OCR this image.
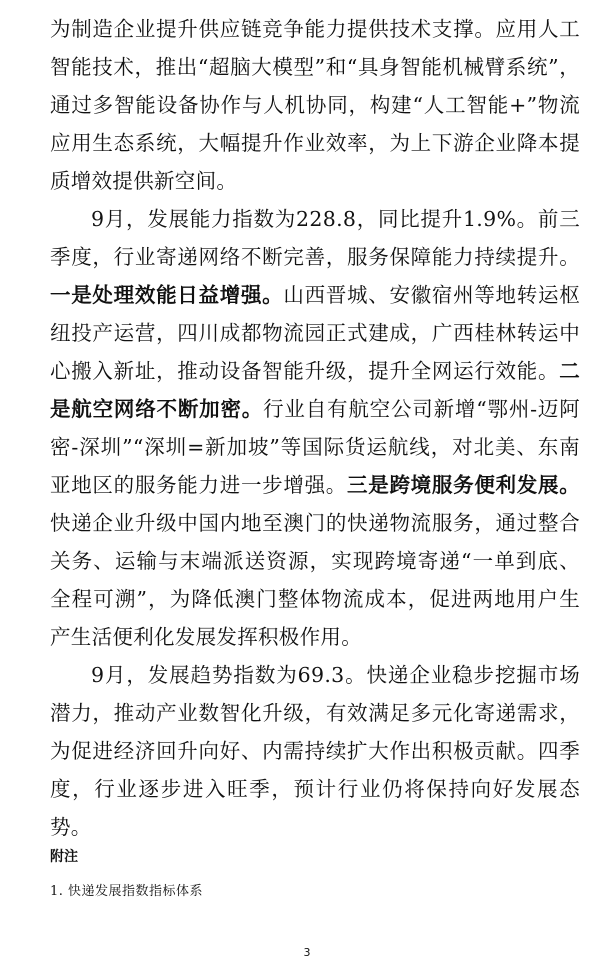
为制造企业提升供应链竞争能力提供技术支撑。应用人工智能技术，推出“超脑大模型”和“具身智能机械臂系统”，通过多智能设备协作与人机协同，构建“人工智能+”物流应用生态系统，大幅提升作业效率，为上下游企业降本提质增效提供新空间。

9月，发展能力指数为228.8，同比提升1.9%。前三季度，行业寄递网络不断完善，服务保障能力持续提升。一是处理效能日益增强。山西晋城、安徽宿州等地转运枢纽投产运营，四川成都物流园正式建成，广西桂林转运中心搬入新址，推动设备智能升级，提升全网运行效能。二是航空网络不断加密。行业自有航空公司新增“鄂州-迈阿密-深圳”“深圳=新加坡”等国际货运航线，对北美、东南亚地区的服务能力进一步增强。三是跨境服务便利发展。快递企业升级中国内地至澳门的快递物流服务，通过整合关务、运输与末端派送资源，实现跨境寄递“一单到底、全程可溯”，为降低澳门整体物流成本，促进两地用户生产生活便利化发展发挥积极作用。

9月，发展趋势指数为69.3。快递企业稳步挖掘市场潜力，推动产业数智化升级，有效满足多元化寄递需求，为促进经济回升向好、内需持续扩大作出积极贡献。四季度，行业逐步进入旺季，预计行业仍将保持向好发展态势。

附注

1. 快递发展指数指标体系

3
